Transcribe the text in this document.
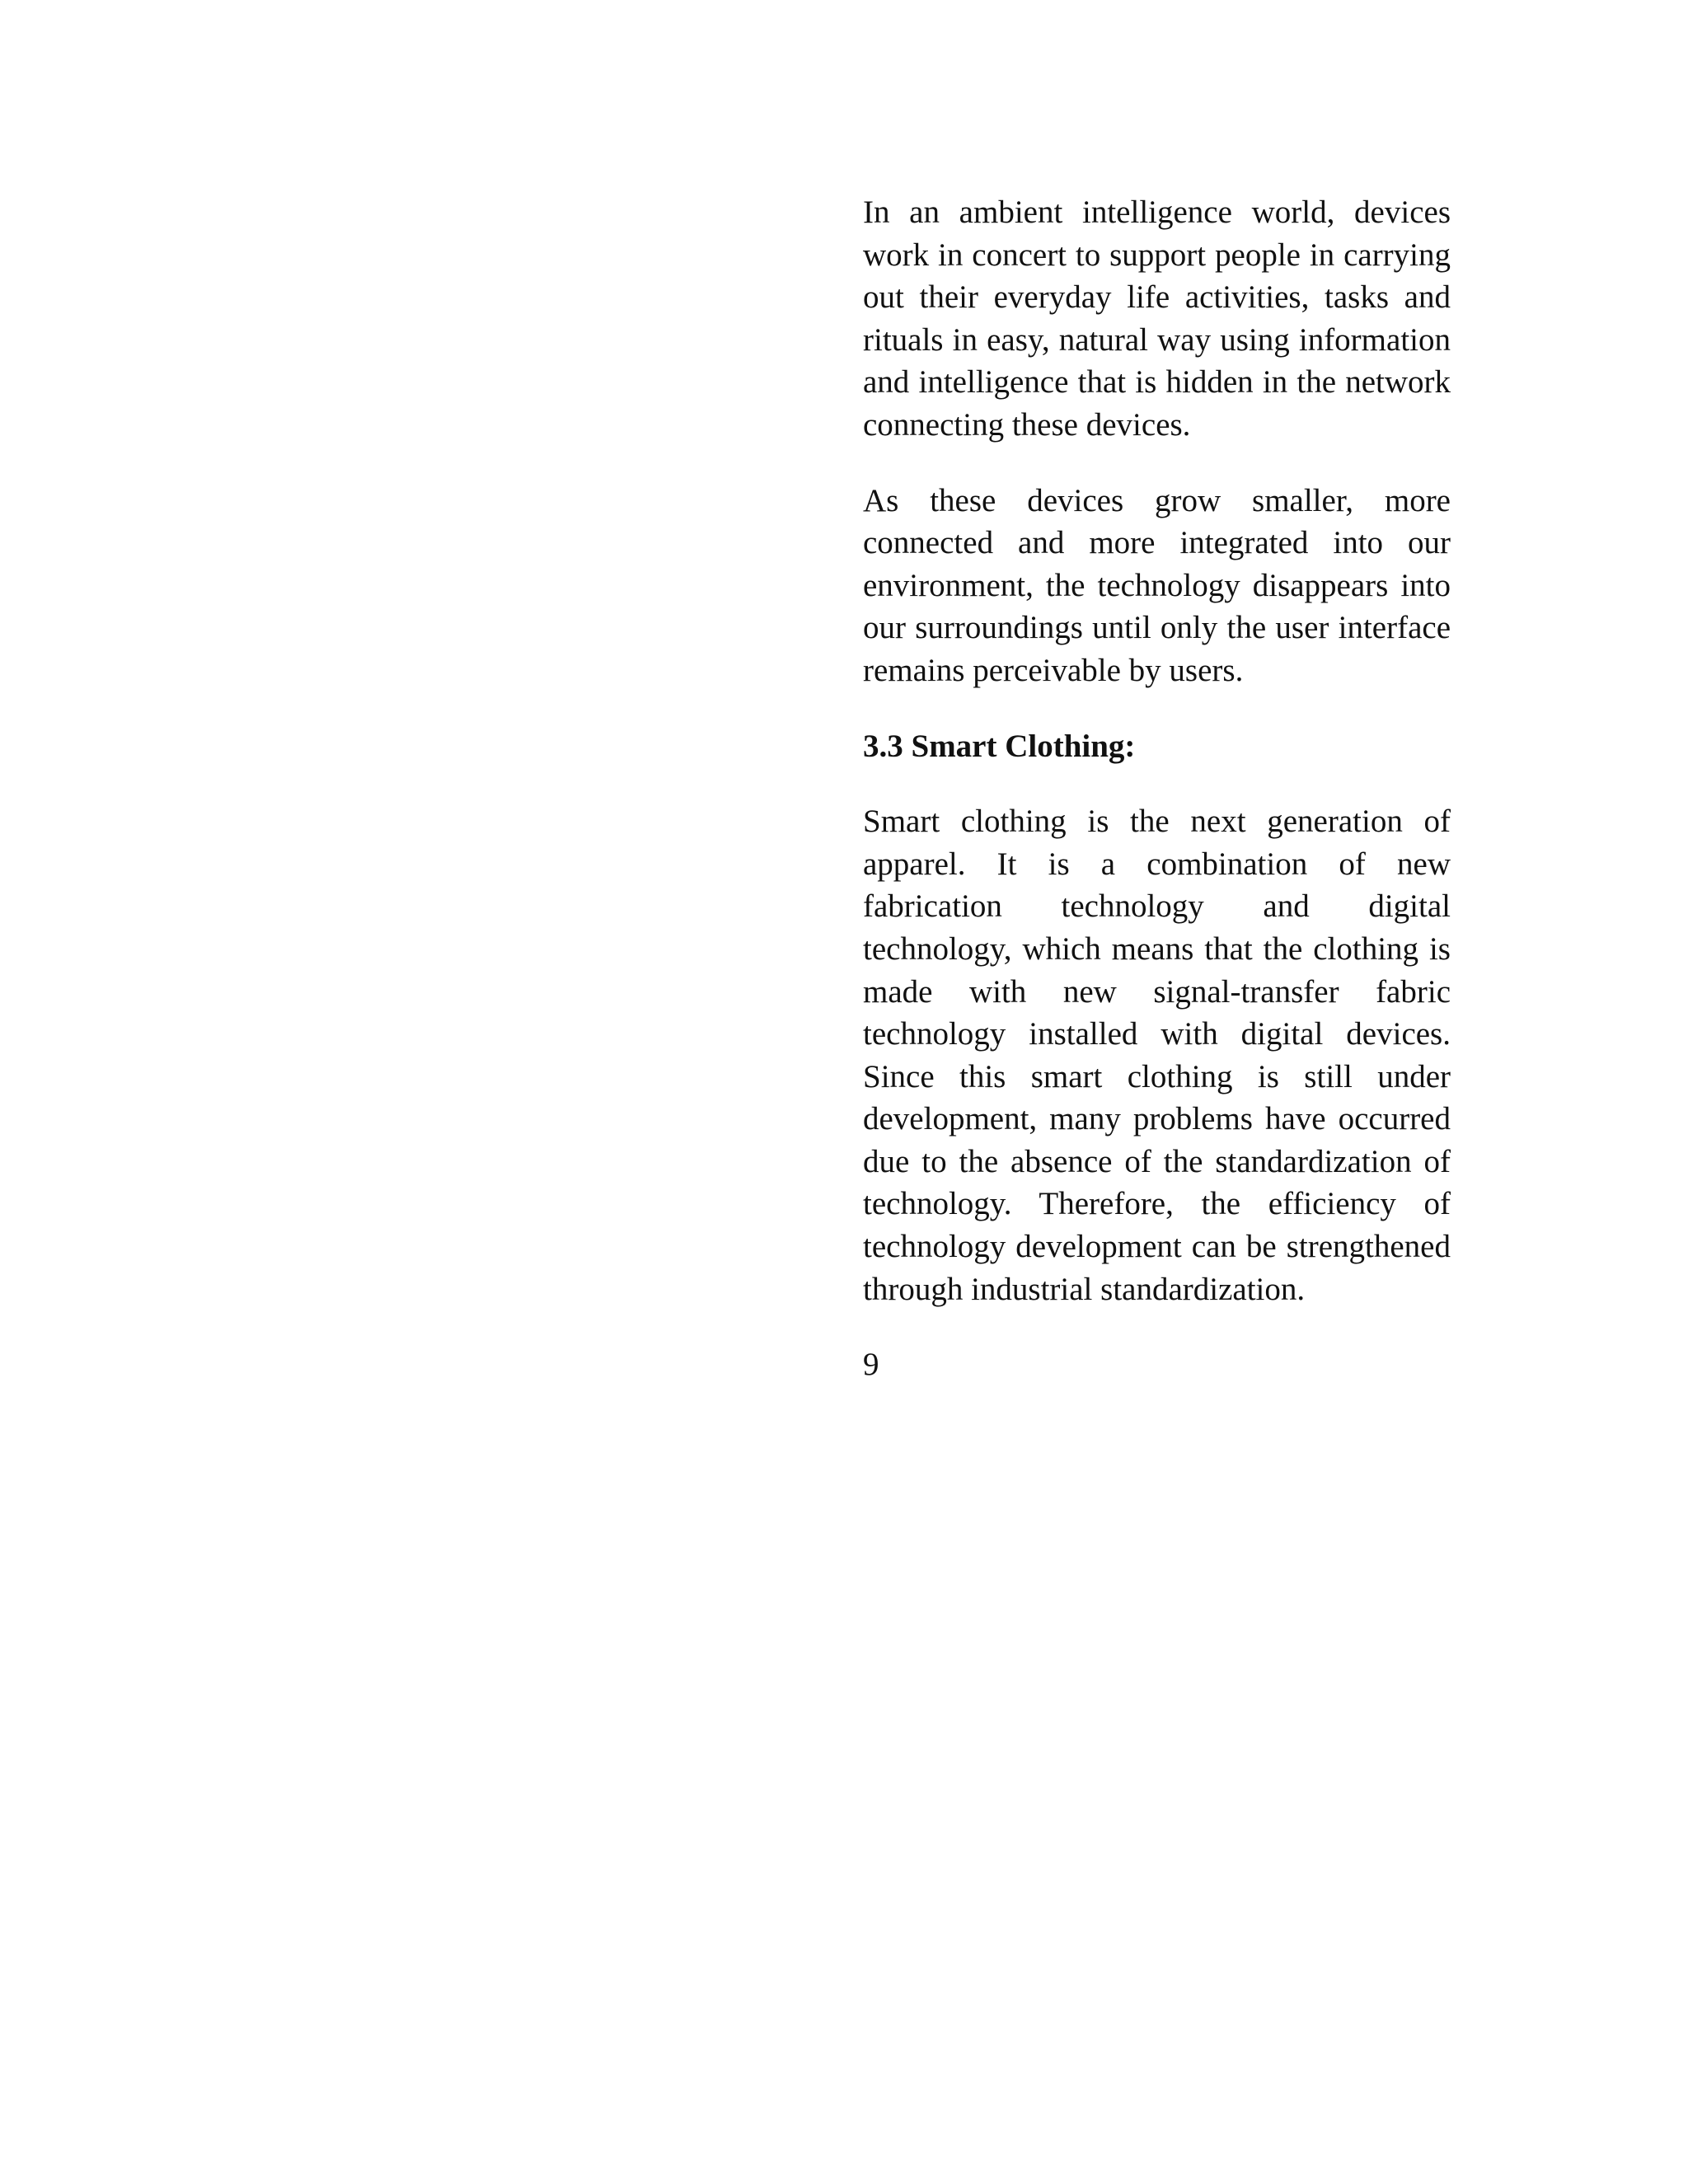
In an ambient intelligence world, devices work in concert to support people in carrying out their everyday life activities, tasks and rituals in easy, natural way using information and intelligence that is hidden in the network connecting these devices.

As these devices grow smaller, more connected and more integrated into our environment, the technology disappears into our surroundings until only the user interface remains perceivable by users.

3.3 Smart Clothing:

Smart clothing is the next generation of apparel. It is a combination of new fabrication technology and digital technology, which means that the clothing is made with new signal-transfer fabric technology installed with digital devices. Since this smart clothing is still under development, many problems have occurred due to the absence of the standardization of technology. Therefore, the efficiency of technology development can be strengthened through industrial standardization.

9
